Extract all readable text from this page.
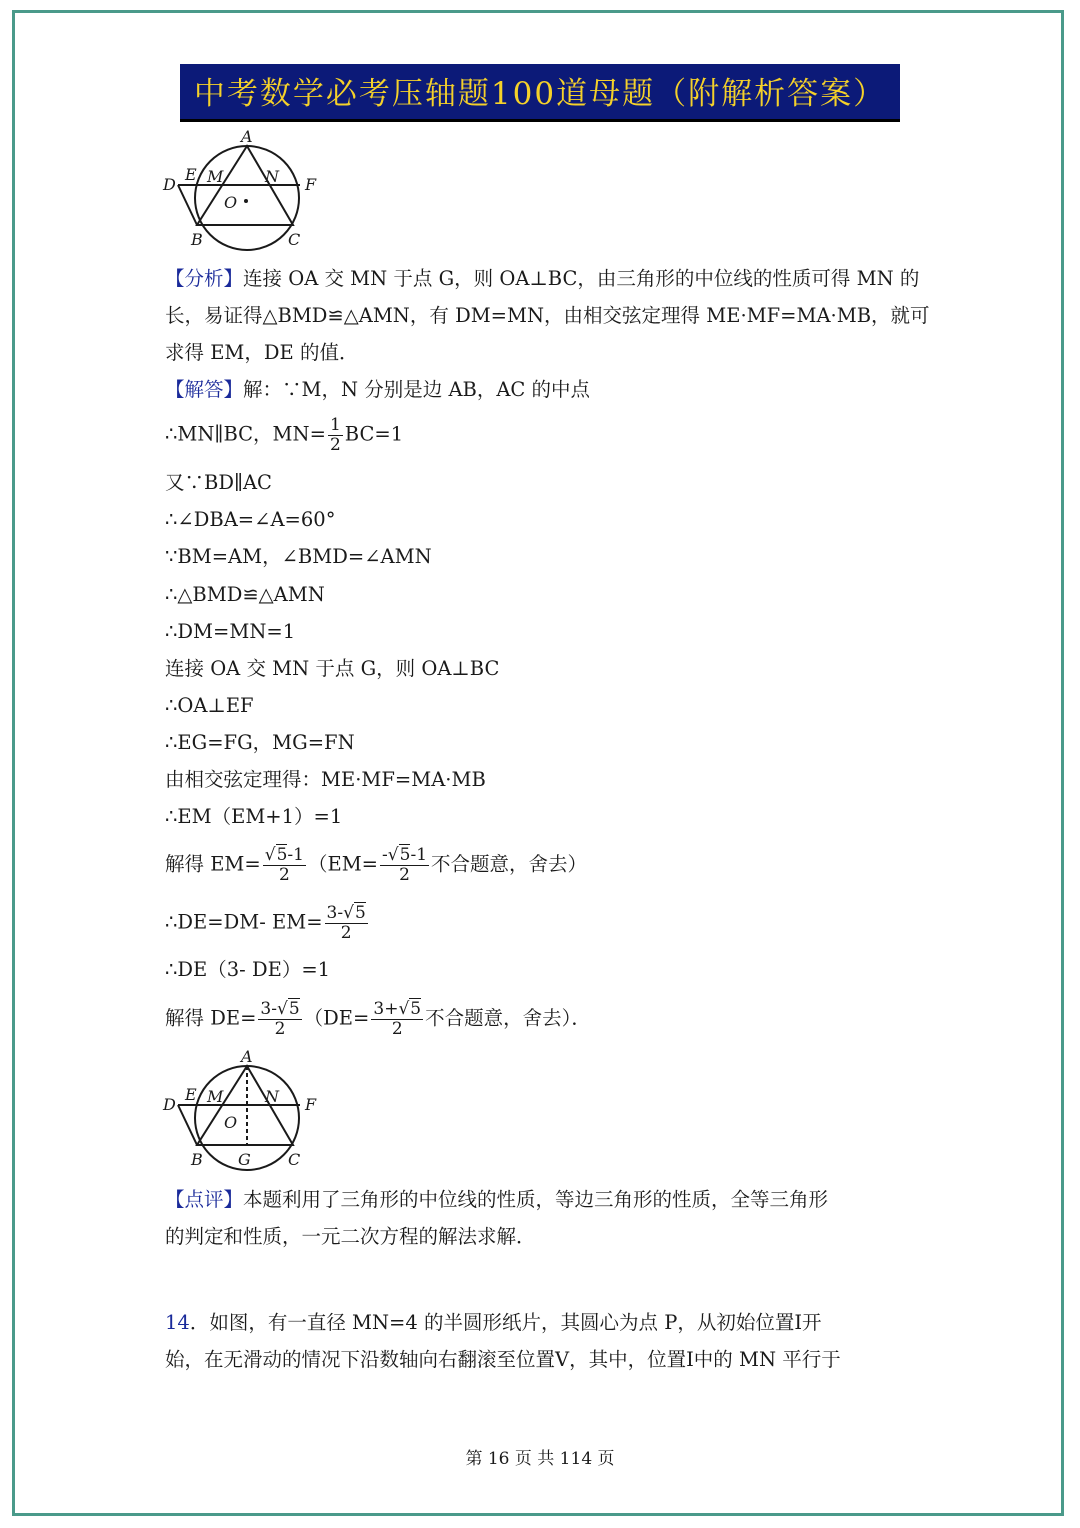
中考数学必考压轴题100道母题（附解析答案）
A
D
E M	N F
O
B	C
【分析】连接 OA 交 MN 于点 G，则 OA⊥BC，由三角形的中位线的性质可得 MN 的
长，易证得△BMD≌△AMN，有 DM=MN，由相交弦定理得 ME·MF=MA·MB，就可
求得 EM，DE 的值．
【解答】解：∵M，N 分别是边 AB，AC 的中点
∴MN∥BC，$MN= \frac{1}{2} BC=1$
又∵BD∥AC
∴∠DBA=∠A=60°
∵BM=AM，∠BMD=∠AMN
∴△BMD≌△AMN
∴DM=MN=1
连接 OA 交 MN 于点 G，则 OA⊥BC
∴OA⊥EF
∴EG=FG，MG=FN
由相交弦定理得：ME·MF=MA·MB
∴EM（EM+1）=1
解得 $EM= \frac{√5-1}{2} (EM= \frac{-√5-1}{2}$ 不合题意，舍去）
∴DE=DM- $EM= \frac{3-√5}{2}$
∴DE（3- DE）=1
解得 $DE= \frac{3-√5}{2} (DE= \frac{3+√5}{2}$ 不合题意，舍去）．
A
D
E M	N F
O
B G C
【点评】本题利用了三角形的中位线的性质，等边三角形的性质，全等三角形
的判定和性质，一元二次方程的解法求解．
14．如图，有一直径 MN=4 的半圆形纸片，其圆心为点 P，从初始位置Ⅰ开
始，在无滑动的情况下沿数轴向右翻滚至位置Ⅴ，其中，位置Ⅰ中的 MN 平行于
第 16 页 共 114 页
